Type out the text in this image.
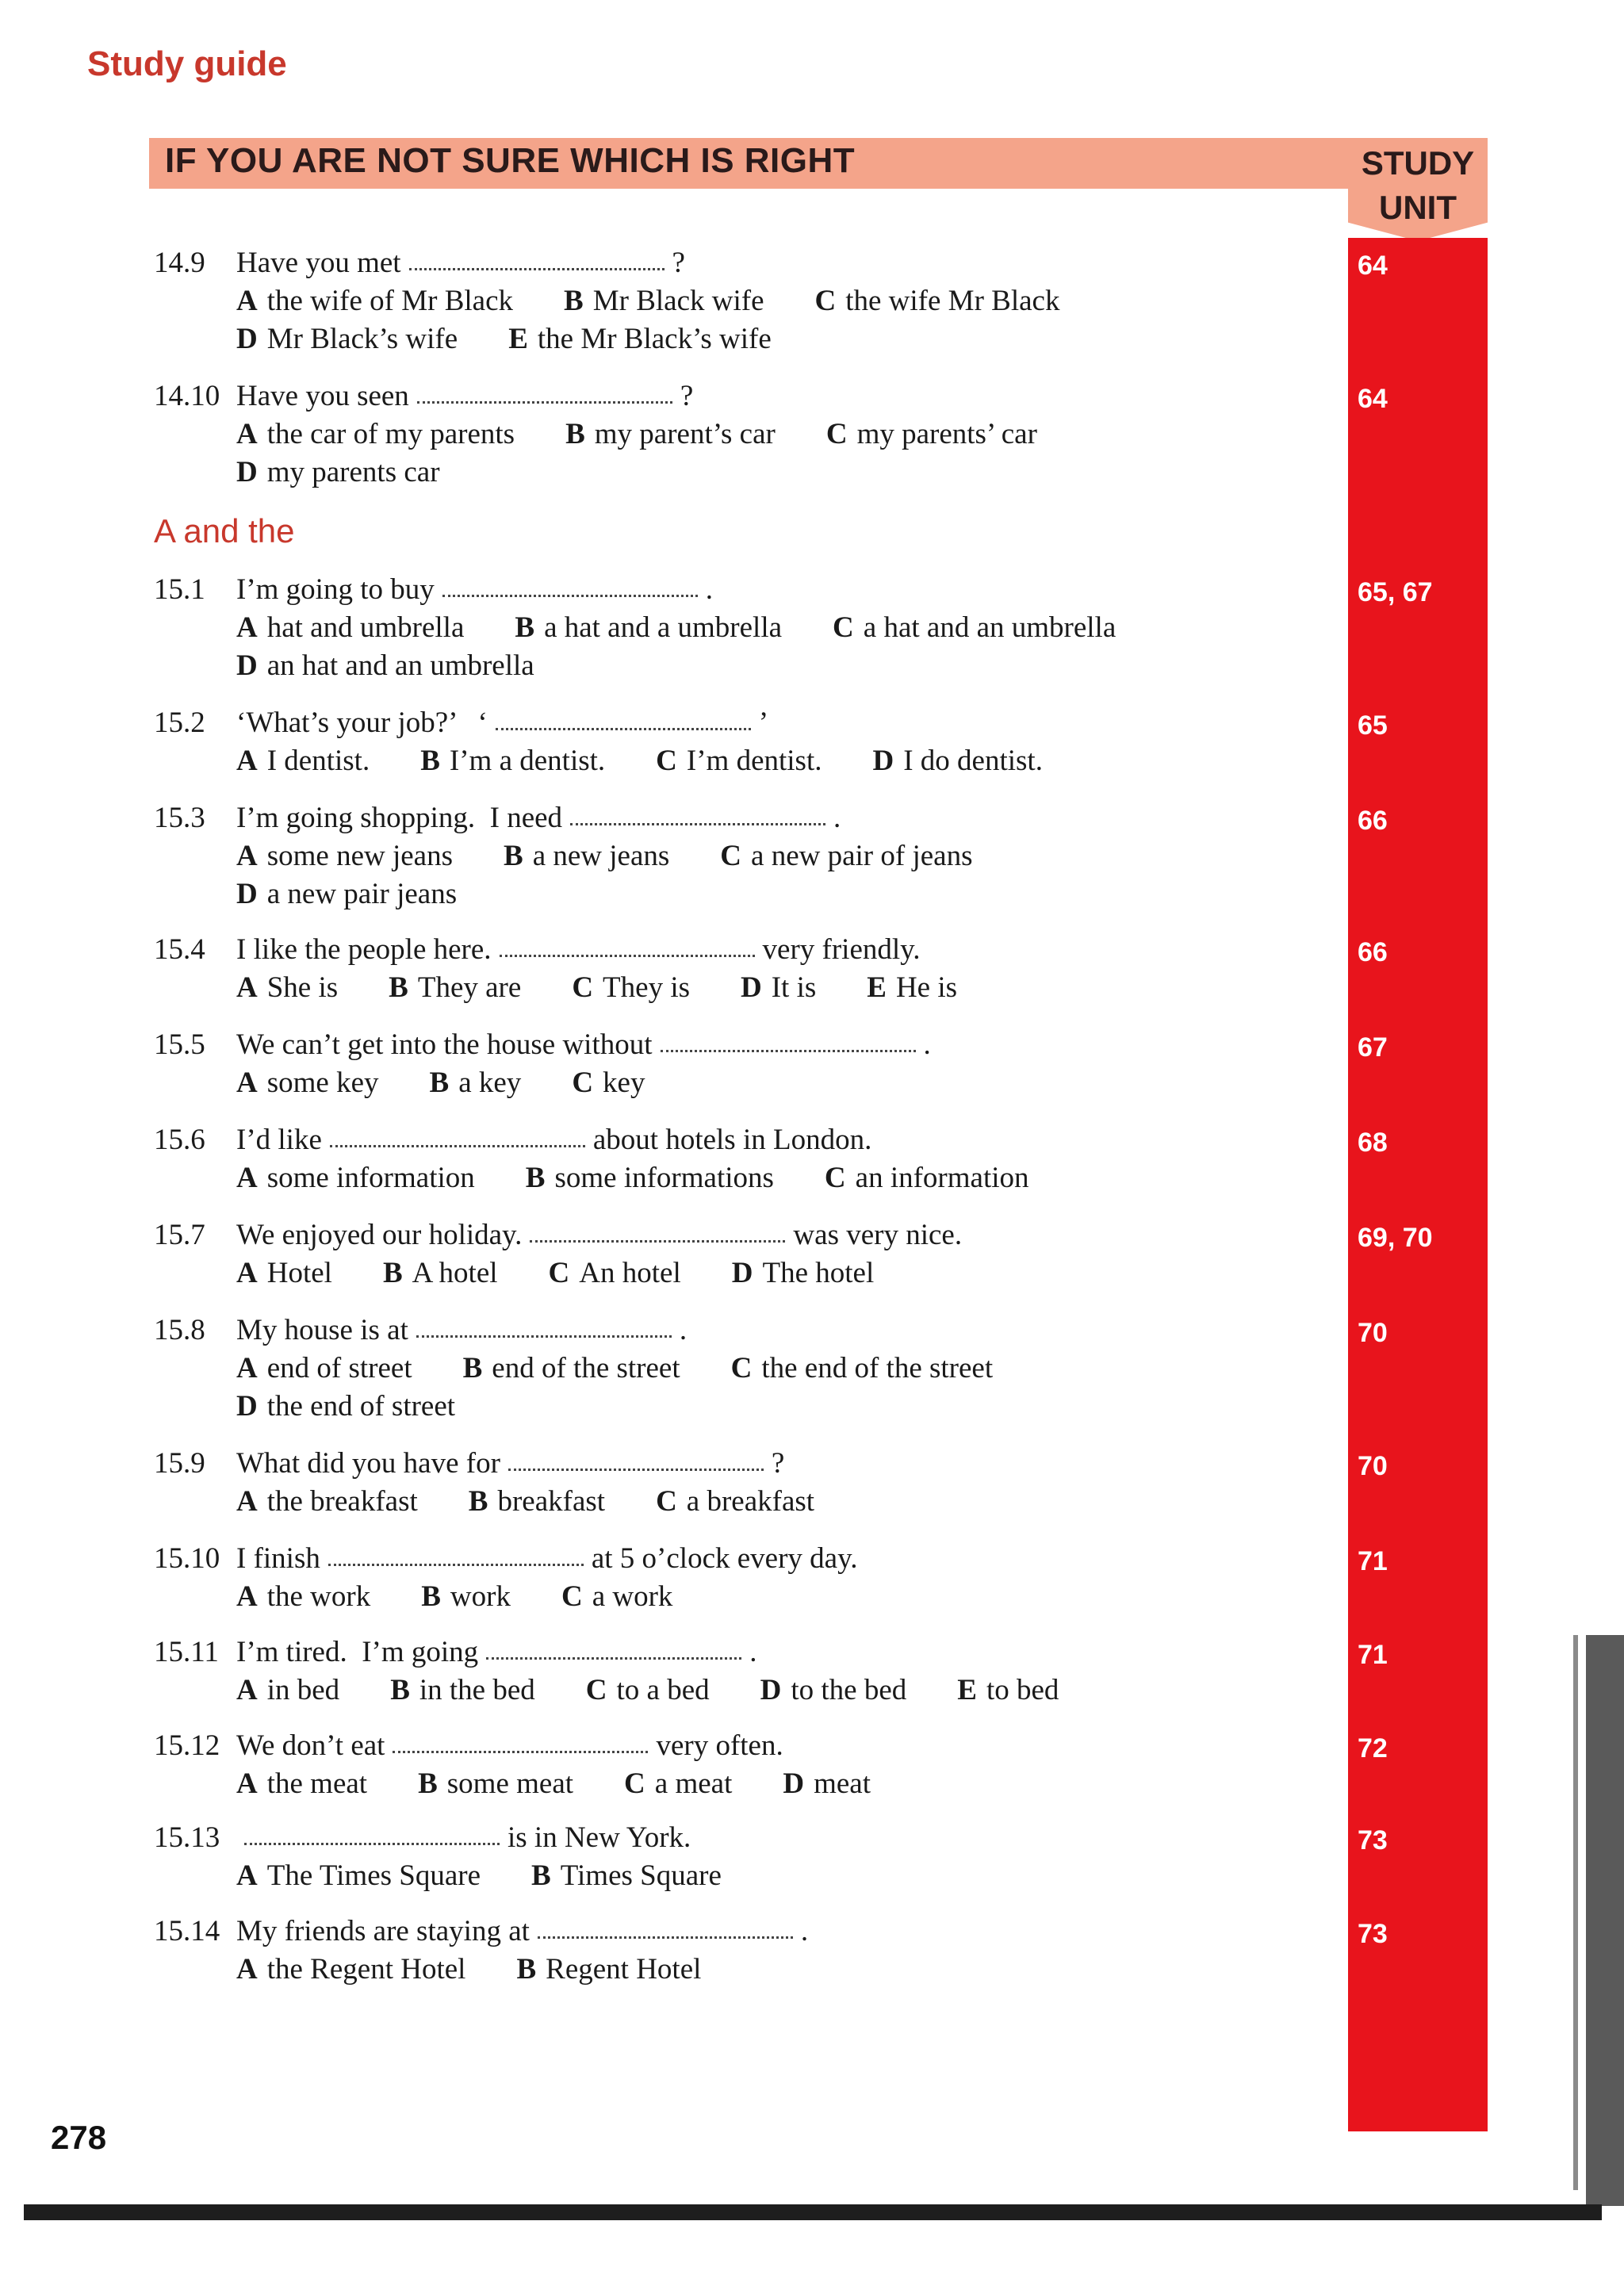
Study guide
IF YOU ARE NOT SURE WHICH IS RIGHT	STUDY UNIT
A and the
14.9 Have you met	?
A the wife of Mr Black B Mr Black wife C the wife Mr Black
D Mr Black’s wife E the Mr Black’s wife
64
14.10 Have you seen	?
A the car of my parents B my parent’s car C my parents’ car
D my parents car
64
15.1 I’m going to buy	.
A hat and umbrella B a hat and a umbrella C a hat and an umbrella
D an hat and an umbrella
65, 67
15.2 ‘What’s your job?’   ‘	’
A I dentist. B I’m a dentist. C I’m dentist. D I do dentist.
65
15.3 I’m going shopping.  I need	.
A some new jeans B a new jeans C a new pair of jeans
D a new pair jeans
66
15.4 I like the people here.	very friendly.
A She is B They are C They is D It is E He is
66
15.5 We can’t get into the house without	.
A some key B a key C key
67
15.6 I’d like	about hotels in London.
A some information B some informations C an information
68
15.7 We enjoyed our holiday.	was very nice.
A Hotel B A hotel C An hotel D The hotel
69, 70
15.8 My house is at	.
A end of street B end of the street C the end of the street
D the end of street
70
15.9 What did you have for	?
A the breakfast B breakfast C a breakfast
70
15.10 I finish	at 5 o’clock every day.
A the work B work C a work
71
15.11 I’m tired.  I’m going	.
A in bed B in the bed C to a bed D to the bed E to bed
71
15.12 We don’t eat	very often.
A the meat B some meat C a meat D meat
72
15.13	is in New York.
A The Times Square B Times Square
73
15.14 My friends are staying at	.
A the Regent Hotel B Regent Hotel
73
278
